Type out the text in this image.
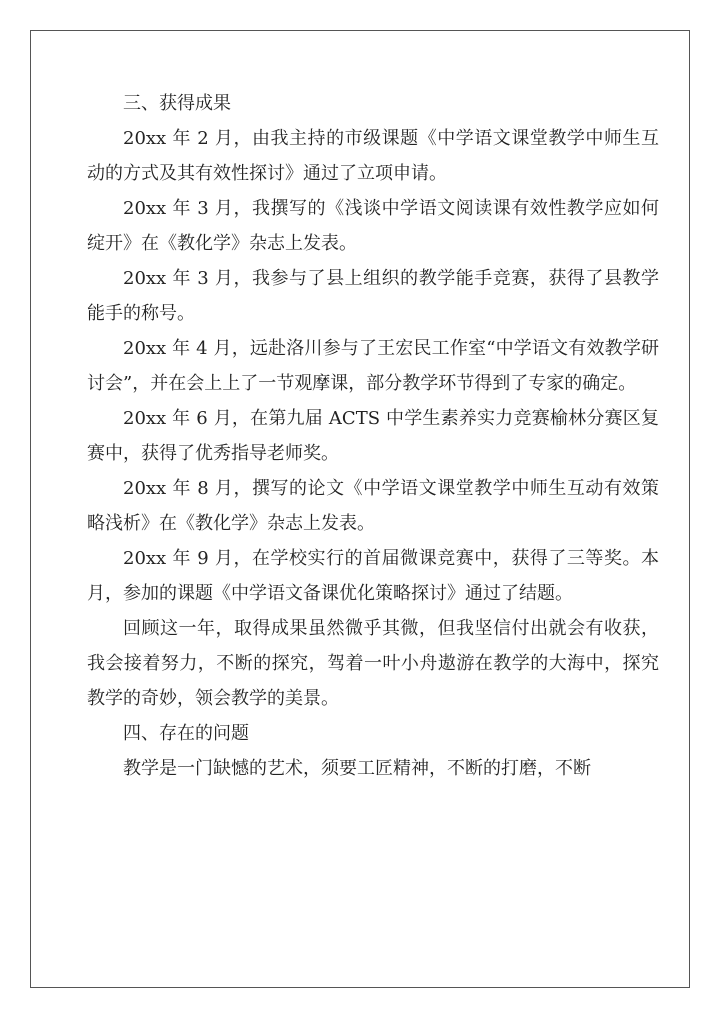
三、获得成果

20xx 年 2 月，由我主持的市级课题《中学语文课堂教学中师生互动的方式及其有效性探讨》通过了立项申请。

20xx 年 3 月，我撰写的《浅谈中学语文阅读课有效性教学应如何绽开》在《教化学》杂志上发表。

20xx 年 3 月，我参与了县上组织的教学能手竞赛，获得了县教学能手的称号。

20xx 年 4 月，远赴洛川参与了王宏民工作室“中学语文有效教学研讨会”，并在会上上了一节观摩课，部分教学环节得到了专家的确定。

20xx 年 6 月，在第九届 ACTS 中学生素养实力竞赛榆林分赛区复赛中，获得了优秀指导老师奖。

20xx 年 8 月，撰写的论文《中学语文课堂教学中师生互动有效策略浅析》在《教化学》杂志上发表。

20xx 年 9 月，在学校实行的首届微课竞赛中，获得了三等奖。本月，参加的课题《中学语文备课优化策略探讨》通过了结题。

回顾这一年，取得成果虽然微乎其微，但我坚信付出就会有收获，我会接着努力，不断的探究，驾着一叶小舟遨游在教学的大海中，探究教学的奇妙，领会教学的美景。

四、存在的问题

教学是一门缺憾的艺术，须要工匠精神，不断的打磨，不断
